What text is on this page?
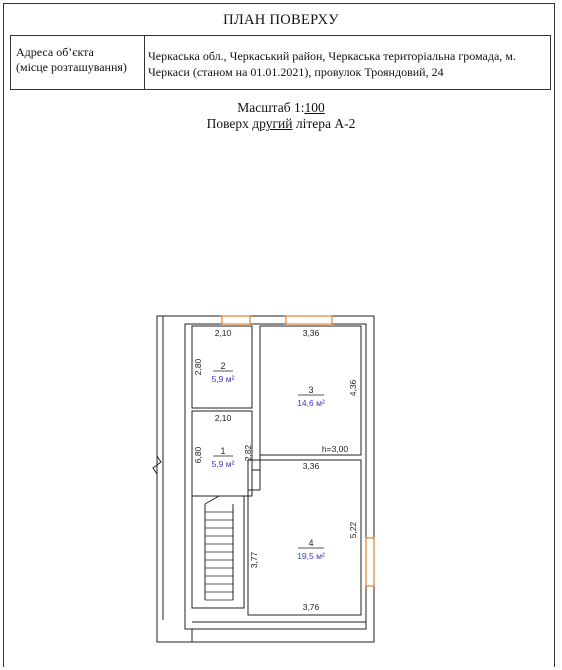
ПЛАН ПОВЕРХУ
Адреса об’єкта
(місце розташування)
Черкаська обл., Черкаський район, Черкаська територіальна громада, м.
Черкаси (станом на 01.01.2021), провулок Трояндовий, 24
Масштаб 1:100
Поверх другий літера А-2
2
5,9 м²
3
14,6 м²
1
5,9 м²
4
19,5 м²
2,10
2,80
2,10
6,80	2,82
3,36
4,36
3,36
h=3,00
3,77
5,22
3,76
